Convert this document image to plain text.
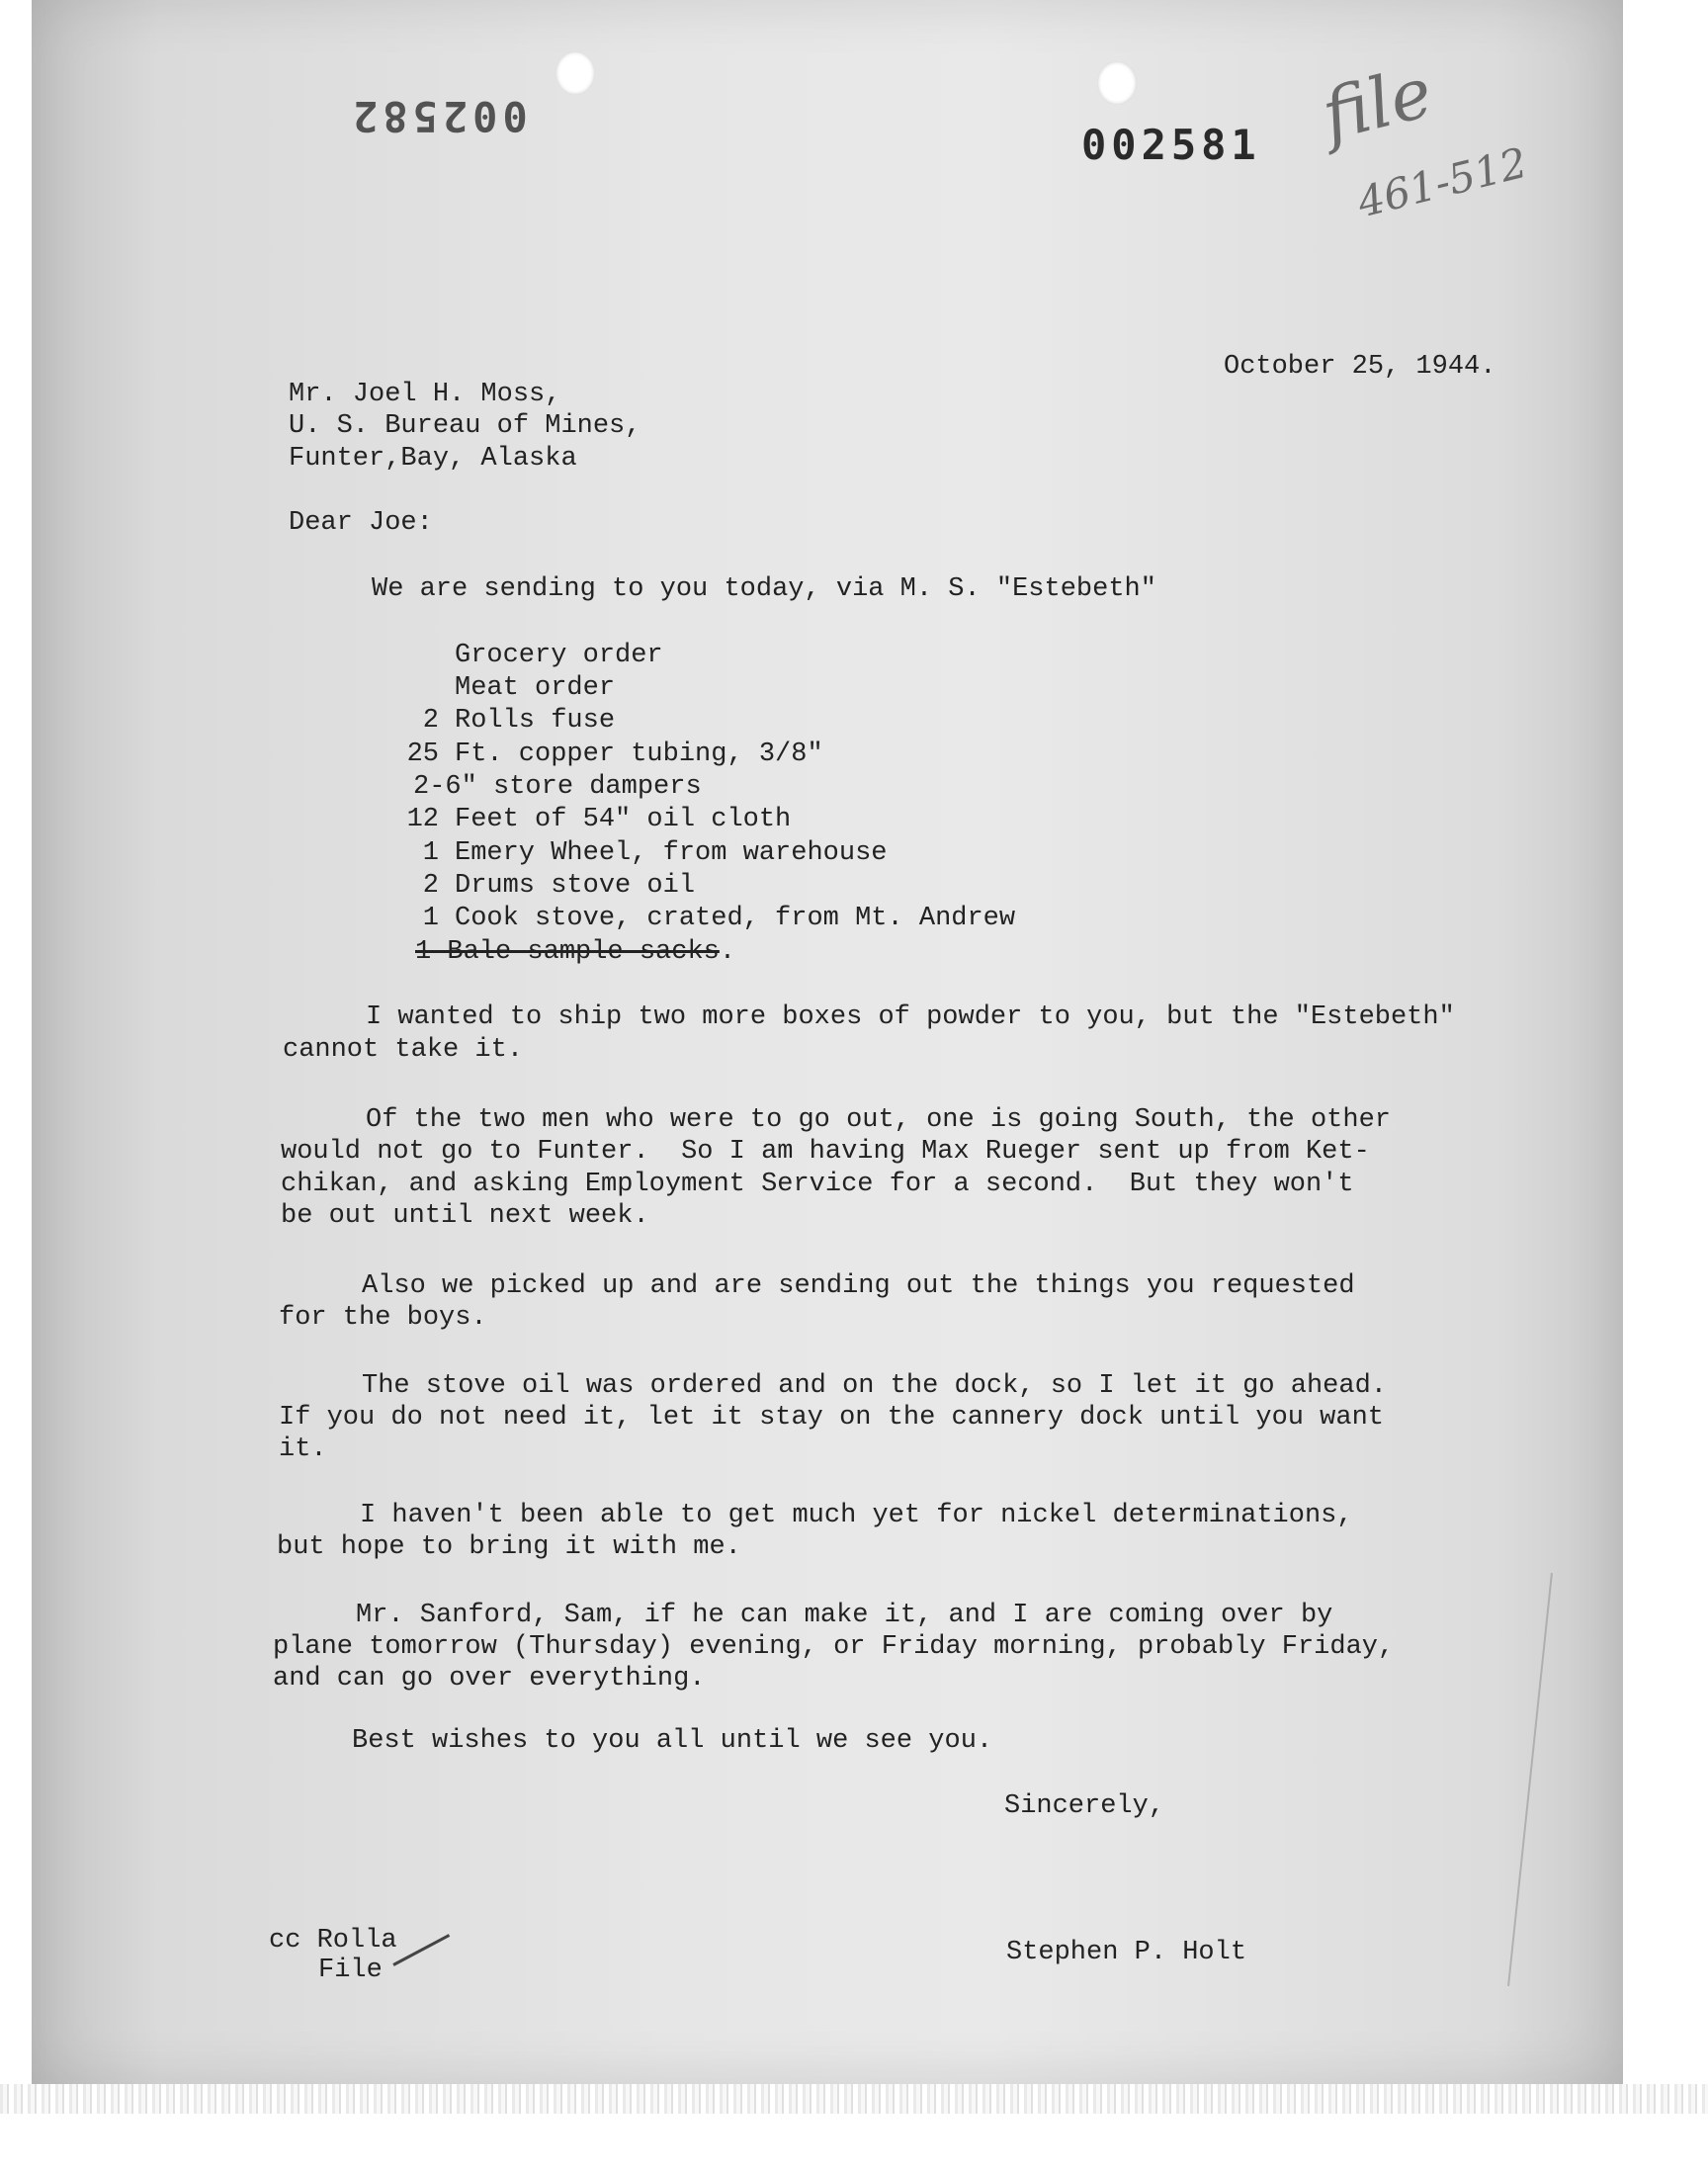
002582
002581 file
461-512
October 25, 1944.
Mr. Joel H. Moss,
U. S. Bureau of Mines,
Funter,Bay, Alaska
Dear Joe:
We are sending to you today, via M. S. "Estebeth"
Grocery order
Meat order
2 Rolls fuse
25 Ft. copper tubing, 3/8"
2-6" store dampers
12 Feet of 54" oil cloth
1 Emery Wheel, from warehouse
2 Drums stove oil
1 Cook stove, crated, from Mt. Andrew
1 Bale sample sacks.
I wanted to ship two more boxes of powder to you, but the "Estebeth"
cannot take it.
Of the two men who were to go out, one is going South, the other
would not go to Funter.  So I am having Max Rueger sent up from Ket-
chikan, and asking Employment Service for a second.  But they won't
be out until next week.
Also we picked up and are sending out the things you requested
for the boys.
The stove oil was ordered and on the dock, so I let it go ahead.
If you do not need it, let it stay on the cannery dock until you want
it.
I haven't been able to get much yet for nickel determinations,
but hope to bring it with me.
Mr. Sanford, Sam, if he can make it, and I are coming over by
plane tomorrow (Thursday) evening, or Friday morning, probably Friday,
and can go over everything.
Best wishes to you all until we see you.
Sincerely,
cc Rolla
File
Stephen P. Holt
